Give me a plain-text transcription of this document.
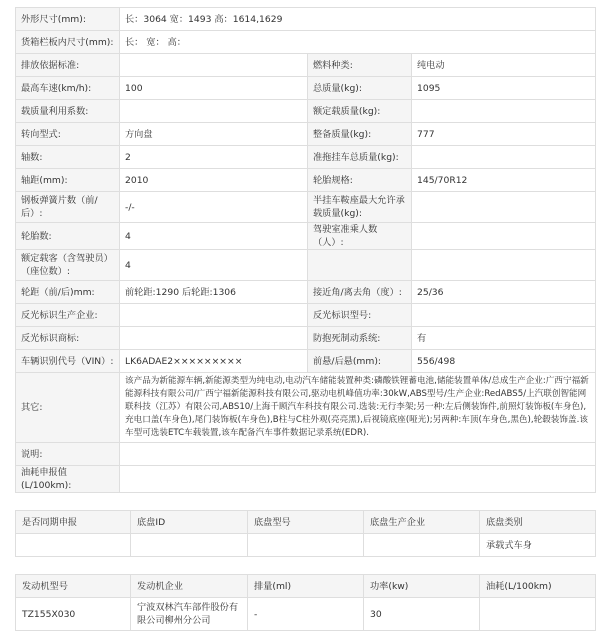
外形尺寸(mm):	长：3064 宽：1493 高：1614,1629		
货箱栏板内尺寸(mm):	长： 宽： 高：		
排放依据标准:		燃料种类:	纯电动
最高车速(km/h):	100	总质量(kg):	1095
载质量利用系数:		额定载质量(kg):	
转向型式:	方向盘	整备质量(kg):	777
轴数:	2	准拖挂车总质量(kg):	
轴距(mm):	2010	轮胎规格:	145/70R12
钢板弹簧片数（前/后）:	-/-	半挂车鞍座最大允许承载质量(kg):	
轮胎数:	4	驾驶室准乘人数（人）:	
额定载客（含驾驶员）（座位数）:	4		
轮距（前/后)mm:	前轮距:1290 后轮距:1306	接近角/离去角（度）:	25/36
反光标识生产企业:		反光标识型号:	
反光标识商标:		防抱死制动系统:	有
车辆识别代号（VIN）:	LK6ADAE2×××××××××	前悬/后悬(mm):	556/498
其它:	该产品为新能源车辆,新能源类型为纯电动,电动汽车储能装置种类:磷酸铁锂蓄电池,储能装置单体/总成生产企业:广西宁福新能源科技有限公司/广西宁福新能源科技有限公司,驱动电机峰值功率:30kW,ABS型号/生产企业:RedABS5/上汽联创智能网联科技（江苏）有限公司,ABS10/上海千顾汽车科技有限公司.选装:无行李架;另一种:左后侧装饰件,前照灯装饰板(车身色),充电口盖(车身色),尾门装饰板(车身色),B柱与C柱外观(亮亮黑),后视镜底座(哑光);另两种:车顶(车身色,黑色),轮毂装饰盖.该车型可选装ETC车载装置,该车配备汽车事件数据记录系统(EDR).		
说明:			
油耗申报值(L/100km):			
是否同期申报	底盘ID	底盘型号	底盘生产企业	底盘类别
				承载式车身
发动机型号	发动机企业	排量(ml)	功率(kw)	油耗(L/100km)
TZ155X030	宁波双林汽车部件股份有限公司柳州分公司	-	30	
